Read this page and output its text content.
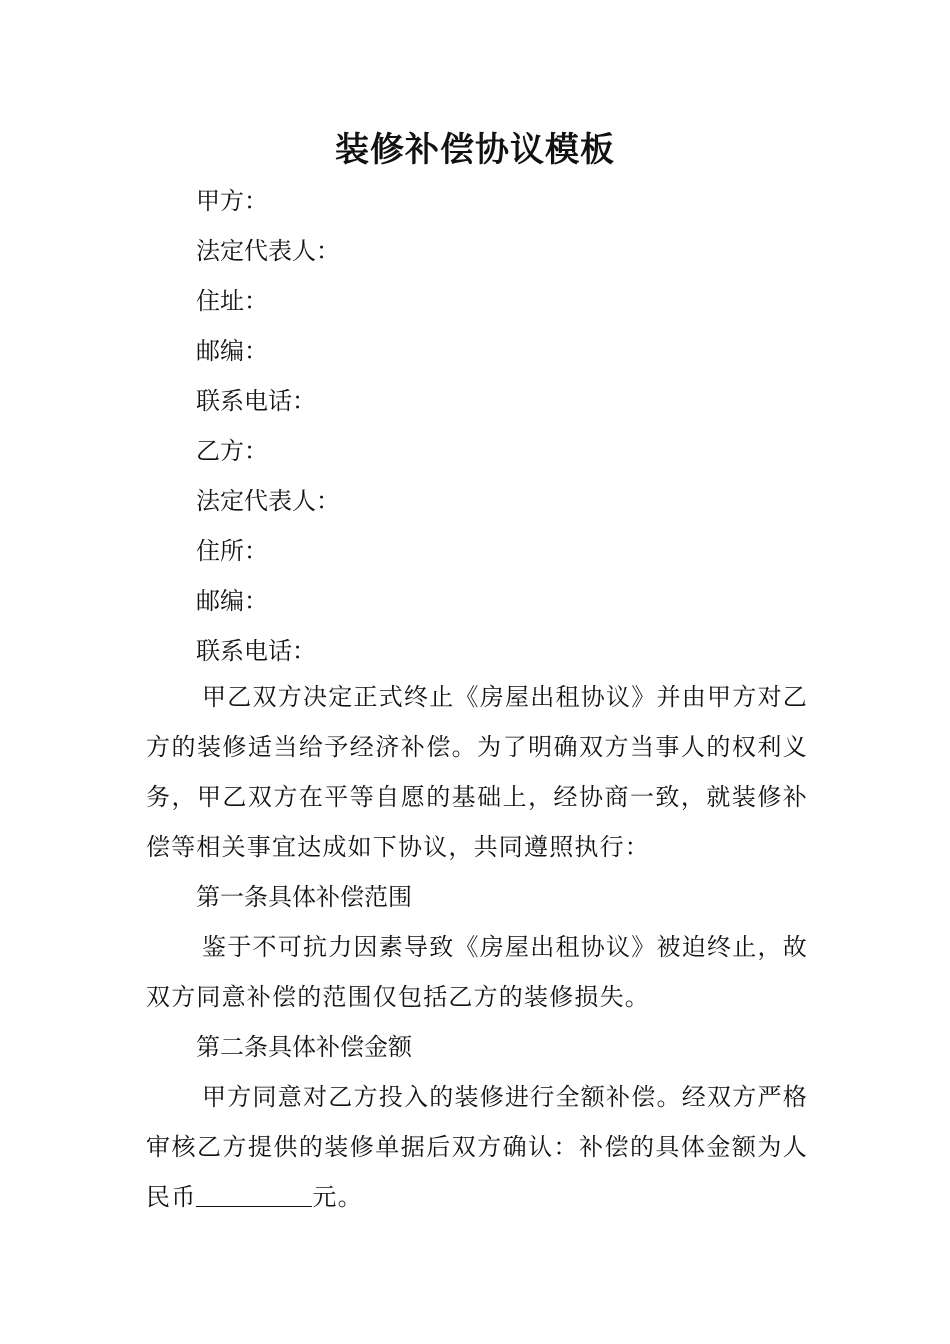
装修补偿协议模板
甲方：
法定代表人：
住址：
邮编：
联系电话：
乙方：
法定代表人：
住所：
邮编：
联系电话：

甲乙双方决定正式终止《房屋出租协议》并由甲方对乙方的装修适当给予经济补偿。为了明确双方当事人的权利义务，甲乙双方在平等自愿的基础上，经协商一致，就装修补偿等相关事宜达成如下协议，共同遵照执行：

第一条具体补偿范围

鉴于不可抗力因素导致《房屋出租协议》被迫终止，故双方同意补偿的范围仅包括乙方的装修损失。

第二条具体补偿金额

甲方同意对乙方投入的装修进行全额补偿。经双方严格审核乙方提供的装修单据后双方确认：补偿的具体金额为人民币	元。
